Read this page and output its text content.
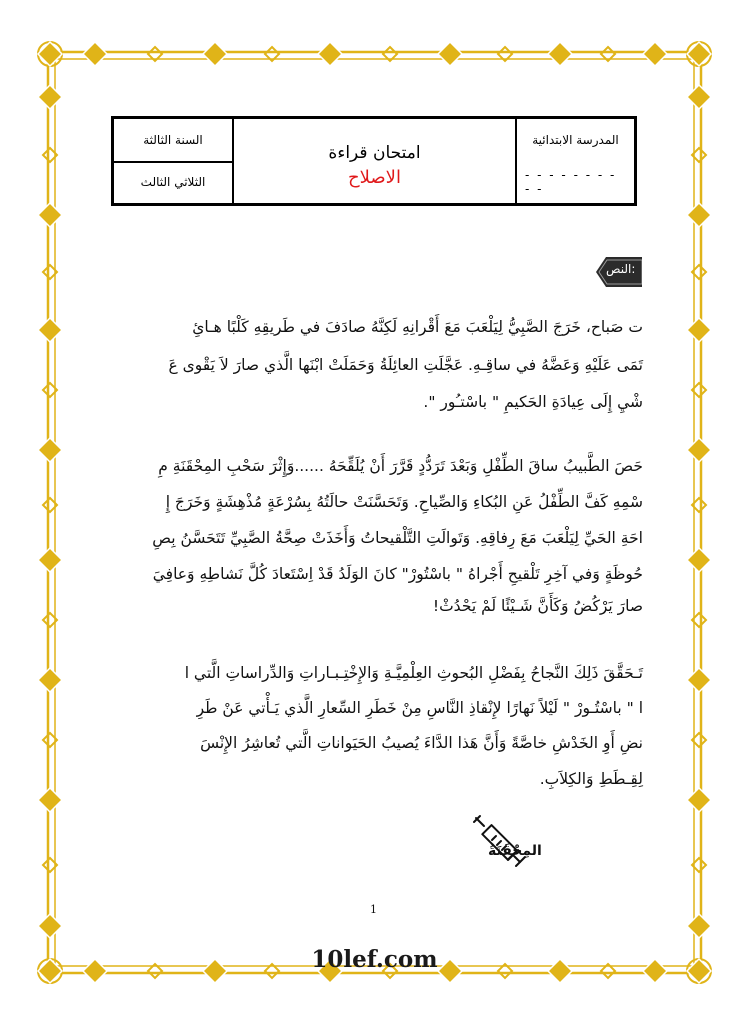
السنة الثالثة
الثلاثي الثالث
امتحان قراءة
الاصلاح
المدرسة الابتدائية
- - - - - - - - - -
النص:
ت صَباح، خَرَجَ الصَّبِيُّ لِيَلْعَبَ مَعَ أَقْرانِهِ لَكِنَّهُ صادَفَ في طَريقِهِ كَلْبًا هـائِ
تَمَى عَلَيْهِ وَعَضَّهُ في ساقِـهِ. عَجَّلَتِ العائِلَةُ وَحَمَلَتْ ابْنَها الَّذي صارَ لاَ يَقْوى عَ
شْيِ إِلَى عِيادَةِ الحَكيمِ " باسْتـُور ".
حَصَ الطَّبيبُ ساقَ الطِّفْلِ وَبَعْدَ تَرَدُّدٍ قَرَّرَ أَنْ يُلَقِّحَهُ ......وَإِثْرَ سَحْبِ المِحْقَنَةِ مِ
سْمِهِ كَفَّ الطِّفْلُ عَنِ البُكاءِ وَالصِّياحِ. وَتَحَسَّنَتْ حالَتُهُ بِسُرْعَةٍ مُذْهِشَةٍ وَخَرَجَ إِ
احَةِ الحَيِّ لِيَلْعَبَ مَعَ رِفاقِهِ. وَتَوالَتِ التَّلْقيحاتُ وَأَخَذَتْ صِحَّةُ الصَّبِيِّ تَتَحَسَّنُ بِصِ
حُوظَةٍ وَفي آخِرِ تَلْقيحِ أَجْراهُ " باسْتُورْ" كانَ الوَلَدُ قَدْ اِسْتَعادَ كُلَّ نَشاطِهِ وَعافِيَ
صارَ يَرْكُضُ وَكَأَنَّ شَـيْئًا لَمْ يَحْدُثْ!
تَـحَقَّقَ ذَلِكَ النَّجاحُ بِفَضْلِ البُحوثِ العِلْمِيَّـةِ وَالإِخْتِـبـاراتِ وَالدِّراساتِ الَّتي ا
ا " باسْتُـورْ " لَيْلاً نَهارًا لإِنْقاذِ النَّاسِ مِنْ خَطَرِ السِّعارِ الَّذي يَـأْتي عَنْ طَرِ
نضِ أَوِ الخَدْشِ خاصَّةً وَأَنَّ هَذا الدَّاءَ يُصيبُ الحَيَواناتِ الَّتي تُعاشِرُ الإِنْسَ
لِقِـطَطِ وَالكِلاَبِ.
المِحْقَنَةُ
1
10lef.com
